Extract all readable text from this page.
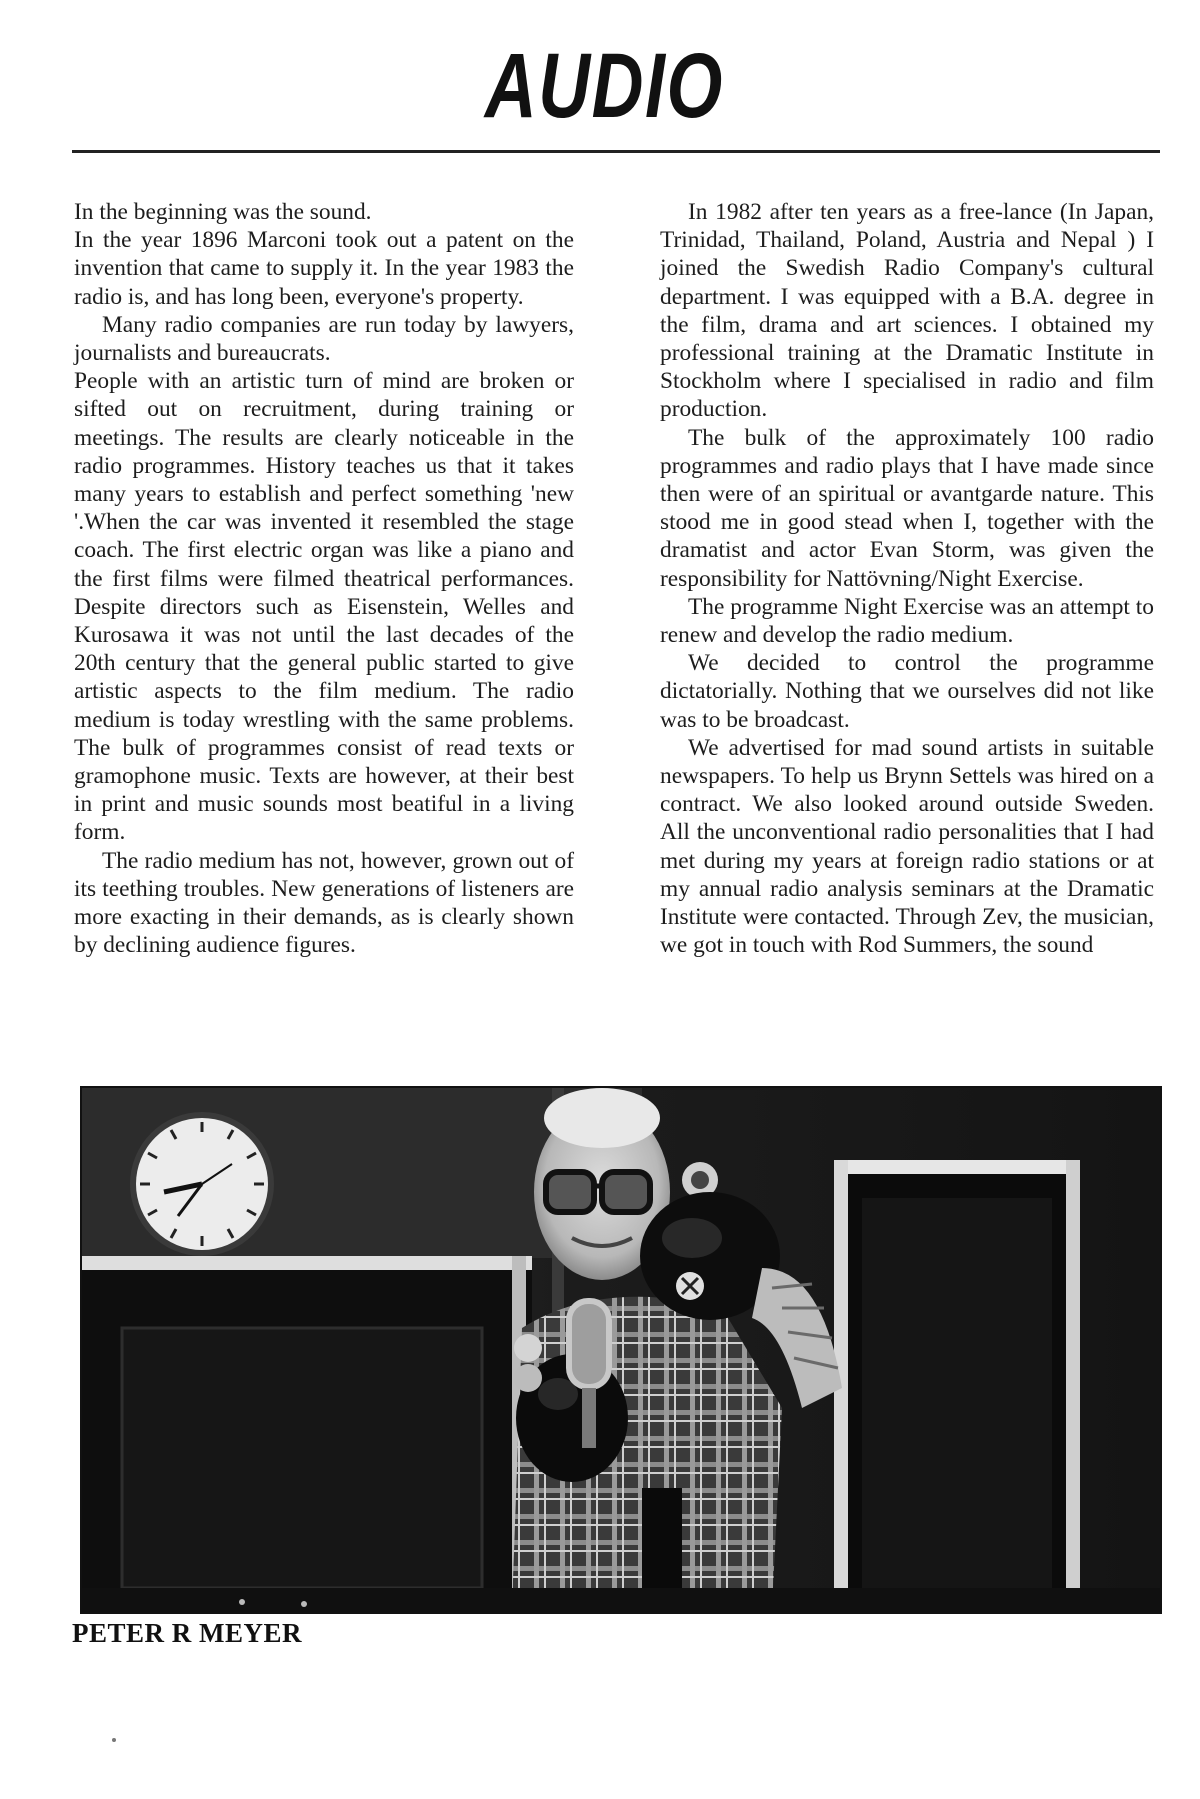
AUDIO

In the beginning was the sound.

In the year 1896 Marconi took out a patent on the invention that came to supply it. In the year 1983 the radio is, and has long been, everyone's property.

Many radio companies are run today by lawyers, journalists and bureaucrats.

People with an artistic turn of mind are broken or sifted out on recruitment, during training or meetings. The results are clearly noticeable in the radio programmes. History teaches us that it takes many years to establish and perfect something 'new '.When the car was invented it resembled the stage coach. The first electric organ was like a piano and the first films were filmed theatrical performances. Despite directors such as Eisenstein, Welles and Kurosawa it was not until the last decades of the 20th century that the general public started to give artistic aspects to the film medium. The radio medium is today wrestling with the same problems. The bulk of programmes consist of read texts or gramophone music. Texts are however, at their best in print and music sounds most beatiful in a living form.

The radio medium has not, however, grown out of its teething troubles. New generations of listeners are more exacting in their demands, as is clearly shown by declining audience figures.

In 1982 after ten years as a free-lance (In Japan, Trinidad, Thailand, Poland, Austria and Nepal ) I joined the Swedish Radio Company's cultural department. I was equipped with a B.A. degree in the film, drama and art sciences. I obtained my professional training at the Dramatic Institute in Stockholm where I specialised in radio and film production.

The bulk of the approximately 100 radio programmes and radio plays that I have made since then were of an spiritual or avantgarde nature. This stood me in good stead when I, together with the dramatist and actor Evan Storm, was given the responsibility for Nattövning/Night Exercise.

The programme Night Exercise was an attempt to renew and develop the radio medium.

We decided to control the programme dictatorially. Nothing that we ourselves did not like was to be broadcast.

We advertised for mad sound artists in suitable newspapers. To help us Brynn Settels was hired on a contract. We also looked around outside Sweden. All the unconventional radio personalities that I had met during my years at foreign radio stations or at my annual radio analysis seminars at the Dramatic Institute were contacted. Through Zev, the musician, we got in touch with Rod Summers, the sound

PETER R MEYER
